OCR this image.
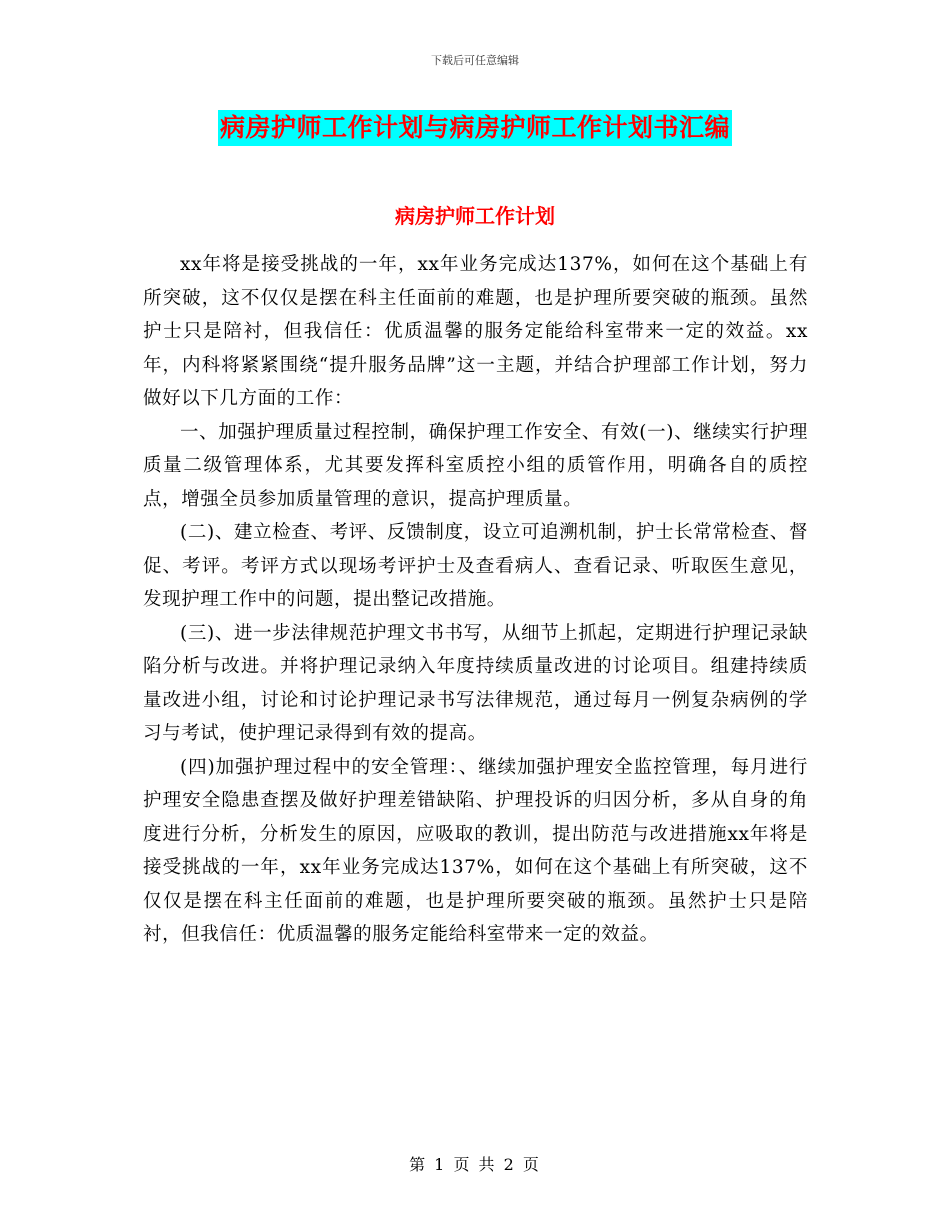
下载后可任意编辑
病房护师工作计划与病房护师工作计划书汇编
病房护师工作计划

xx年将是接受挑战的一年，xx年业务完成达137%，如何在这个基础上有所突破，这不仅仅是摆在科主任面前的难题，也是护理所要突破的瓶颈。虽然护士只是陪衬，但我信任：优质温馨的服务定能给科室带来一定的效益。xx年，内科将紧紧围绕“提升服务品牌”这一主题，并结合护理部工作计划，努力做好以下几方面的工作：

一、加强护理质量过程控制，确保护理工作安全、有效(一)、继续实行护理质量二级管理体系，尤其要发挥科室质控小组的质管作用，明确各自的质控点，增强全员参加质量管理的意识，提高护理质量。

(二)、建立检查、考评、反馈制度，设立可追溯机制，护士长常常检查、督促、考评。考评方式以现场考评护士及查看病人、查看记录、听取医生意见，发现护理工作中的问题，提出整记改措施。

(三)、进一步法律规范护理文书书写，从细节上抓起，定期进行护理记录缺陷分析与改进。并将护理记录纳入年度持续质量改进的讨论项目。组建持续质量改进小组，讨论和讨论护理记录书写法律规范，通过每月一例复杂病例的学习与考试，使护理记录得到有效的提高。

(四)加强护理过程中的安全管理：、继续加强护理安全监控管理，每月进行护理安全隐患查摆及做好护理差错缺陷、护理投诉的归因分析，多从自身的角度进行分析，分析发生的原因，应吸取的教训，提出防范与改进措施xx年将是接受挑战的一年，xx年业务完成达137%，如何在这个基础上有所突破，这不仅仅是摆在科主任面前的难题，也是护理所要突破的瓶颈。虽然护士只是陪衬，但我信任：优质温馨的服务定能给科室带来一定的效益。

第 1 页 共 2 页
